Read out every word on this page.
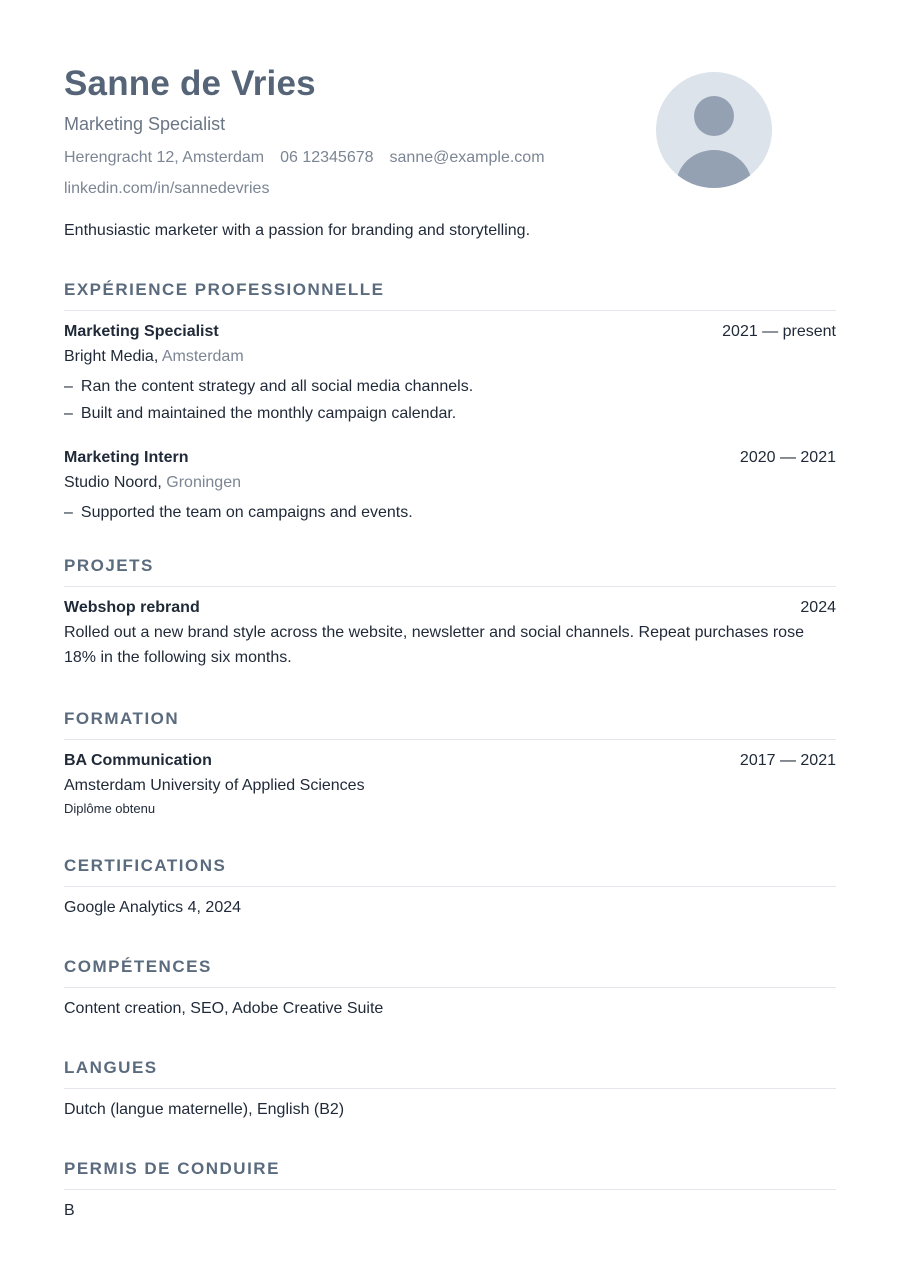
Sanne de Vries
Marketing Specialist
Herengracht 12, Amsterdam 06 12345678 sanne@example.com
linkedin.com/in/sannedevries
Enthusiastic marketer with a passion for branding and storytelling.
EXPÉRIENCE PROFESSIONNELLE
Marketing Specialist	2021 — present
Bright Media, Amsterdam
– Ran the content strategy and all social media channels.
– Built and maintained the monthly campaign calendar.
Marketing Intern	2020 — 2021
Studio Noord, Groningen
– Supported the team on campaigns and events.
PROJETS
Webshop rebrand	2024
Rolled out a new brand style across the website, newsletter and social channels. Repeat purchases rose 18% in the following six months.
FORMATION
BA Communication	2017 — 2021
Amsterdam University of Applied Sciences
Diplôme obtenu
CERTIFICATIONS
Google Analytics 4, 2024
COMPÉTENCES
Content creation, SEO, Adobe Creative Suite
LANGUES
Dutch (langue maternelle), English (B2)
PERMIS DE CONDUIRE
B
